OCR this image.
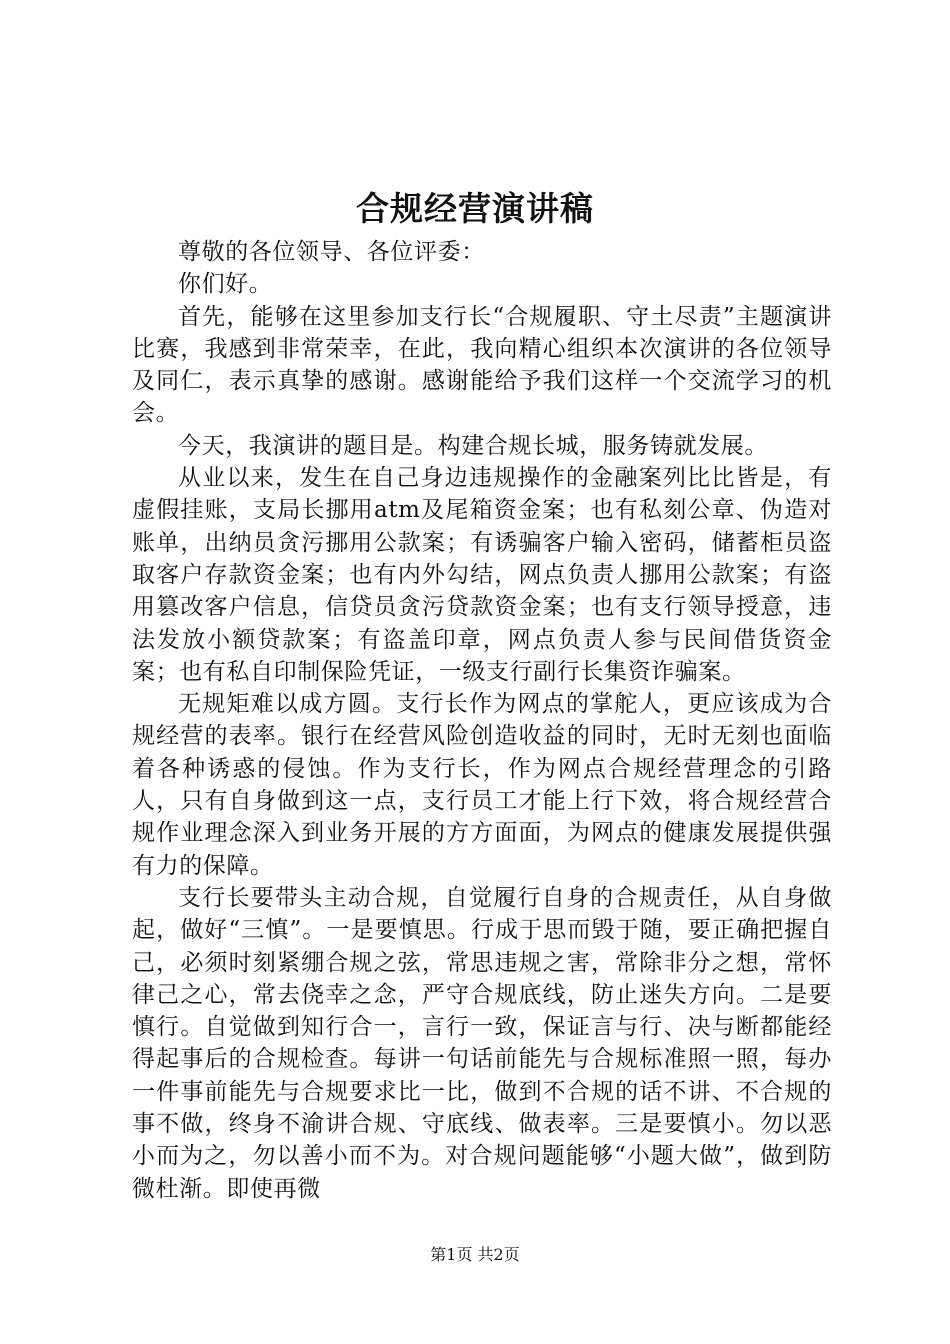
合规经营演讲稿

尊敬的各位领导、各位评委：

你们好。

首先，能够在这里参加支行长“合规履职、守土尽责”主题演讲比赛，我感到非常荣幸，在此，我向精心组织本次演讲的各位领导及同仁，表示真挚的感谢。感谢能给予我们这样一个交流学习的机会。

今天，我演讲的题目是。构建合规长城，服务铸就发展。

从业以来，发生在自己身边违规操作的金融案列比比皆是，有虚假挂账，支局长挪用atm及尾箱资金案；也有私刻公章、伪造对账单，出纳员贪污挪用公款案；有诱骗客户输入密码，储蓄柜员盗取客户存款资金案；也有内外勾结，网点负责人挪用公款案；有盗用篡改客户信息，信贷员贪污贷款资金案；也有支行领导授意，违法发放小额贷款案；有盗盖印章，网点负责人参与民间借货资金案；也有私自印制保险凭证，一级支行副行长集资诈骗案。

无规矩难以成方圆。支行长作为网点的掌舵人，更应该成为合规经营的表率。银行在经营风险创造收益的同时，无时无刻也面临着各种诱惑的侵蚀。作为支行长，作为网点合规经营理念的引路人，只有自身做到这一点，支行员工才能上行下效，将合规经营合规作业理念深入到业务开展的方方面面，为网点的健康发展提供强有力的保障。

支行长要带头主动合规，自觉履行自身的合规责任，从自身做起，做好“三慎”。一是要慎思。行成于思而毁于随，要正确把握自己，必须时刻紧绷合规之弦，常思违规之害，常除非分之想，常怀律己之心，常去侥幸之念，严守合规底线，防止迷失方向。二是要慎行。自觉做到知行合一，言行一致，保证言与行、决与断都能经得起事后的合规检查。每讲一句话前能先与合规标准照一照，每办一件事前能先与合规要求比一比，做到不合规的话不讲、不合规的事不做，终身不渝讲合规、守底线、做表率。三是要慎小。勿以恶小而为之，勿以善小而不为。对合规问题能够“小题大做”，做到防微杜渐。即使再微

第1页 共2页
